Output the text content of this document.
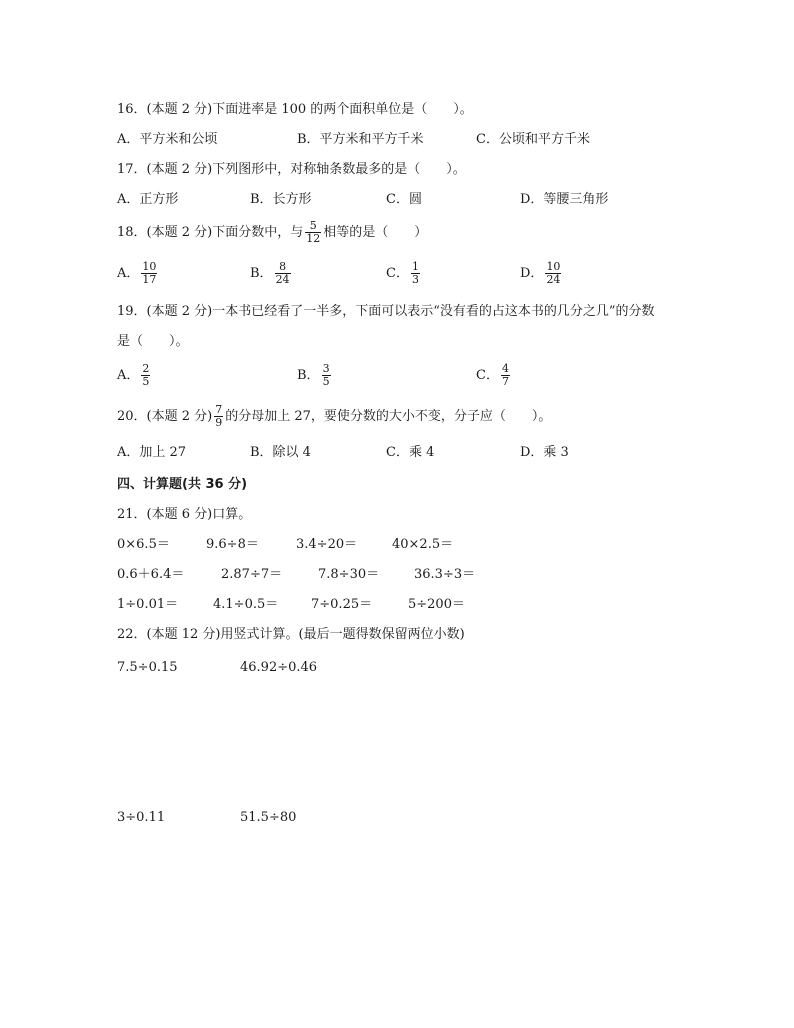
16．(本题 2 分)下面进率是 100 的两个面积单位是（　　）。
A．平方米和公顷	B．平方米和平方千米	C．公顷和平方千米
17．(本题 2 分)下列图形中，对称轴条数最多的是（　　）。
A．正方形	B．长方形	C．圆	D．等腰三角形
18．(本题 2 分)下面分数中，与 $\frac{5}{12}$ 相等的是（　　）
A． $\frac{10}{17}$	B． $\frac{8}{24}$	C． $\frac{1}{3}$	D． $\frac{10}{24}$
19．(本题 2 分)一本书已经看了一半多，下面可以表示“没有看的占这本书的几分之几”的分数
是（　　）。
A． $\frac{2}{5}$	B． $\frac{3}{5}$	C． $\frac{4}{7}$
20．(本题 2 分) $\frac{7}{9}$ 的分母加上 27，要使分数的大小不变，分子应（　　）。
A．加上 27	B．除以 4	C．乘 4	D．乘 3
四、计算题(共 36 分)
21．(本题 6 分)口算。
0×6.5＝	9.6÷8＝	3.4÷20＝	40×2.5＝
0.6＋6.4＝	2.87÷7＝	7.8÷30＝	36.3÷3＝
1÷0.01＝	4.1÷0.5＝	7÷0.25＝	5÷200＝
22．(本题 12 分)用竖式计算。(最后一题得数保留两位小数)
7.5÷0.15	46.92÷0.46
3÷0.11	51.5÷80
